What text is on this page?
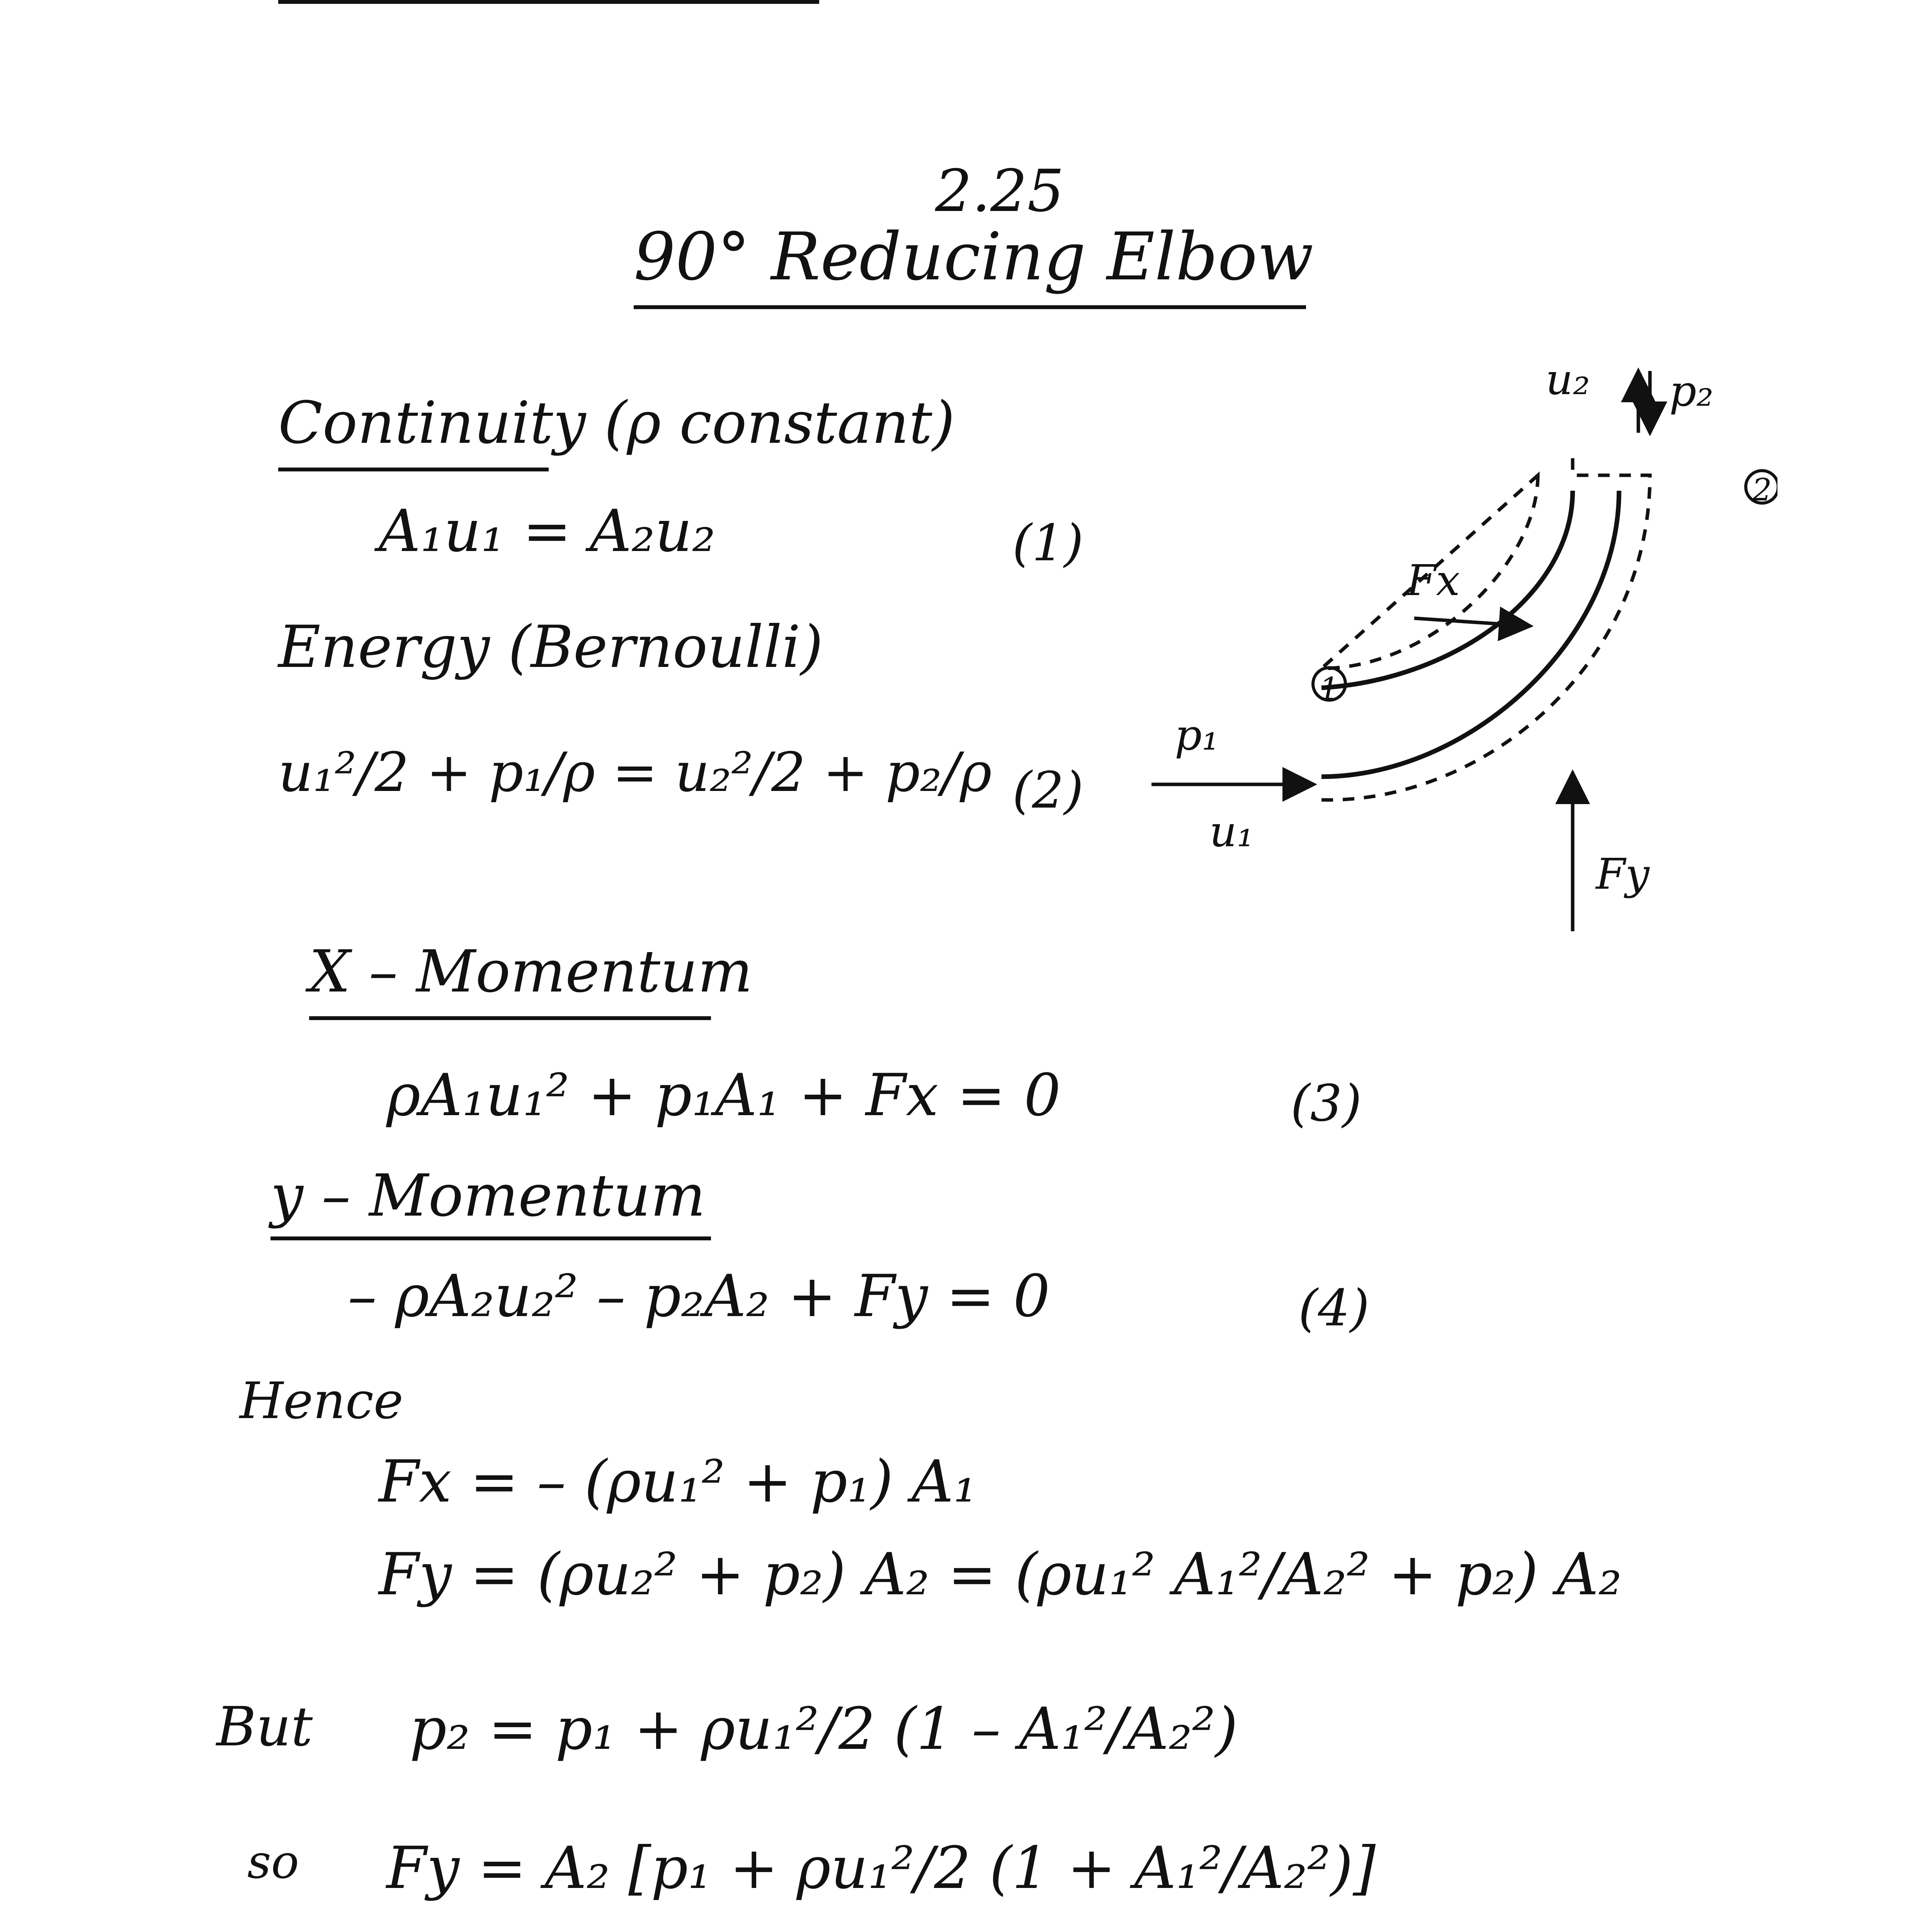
2.25
90° Reducing Elbow
Continuity (ρ constant)
A₁u₁ = A₂u₂	(1)
Energy (Bernoulli)
u₁²/2 + p₁/ρ = u₂²/2 + p₂/ρ (2)
X – Momentum
ρA₁u₁² + p₁A₁ + Fx = 0	(3)
y – Momentum
– ρA₂u₂² – p₂A₂ + Fy = 0	(4)
Hence
Fx = – (ρu₁² + p₁) A₁
Fy = (ρu₂² + p₂) A₂ = (ρu₁² A₁²/A₂² + p₂) A₂
But p₂ = p₁ + ρu₁²/2 (1 – A₁²/A₂²)
so Fy = A₂ [p₁ + ρu₁²/2 (1 + A₁²/A₂²)]
1
2
p₁
u₁
u₂ p₂
Fx
Fy
